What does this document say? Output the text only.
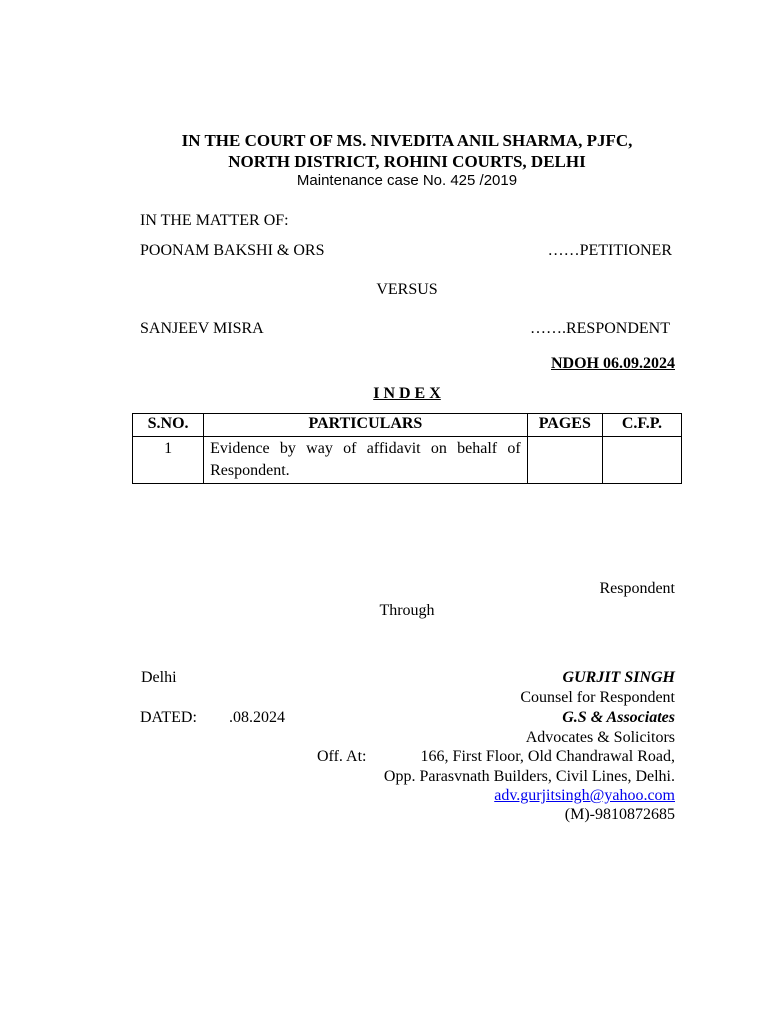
IN THE COURT OF MS. NIVEDITA ANIL SHARMA, PJFC,
NORTH DISTRICT, ROHINI COURTS, DELHI
Maintenance case No. 425 /2019
IN THE MATTER OF:
POONAM BAKSHI & ORS	……PETITIONER
VERSUS
SANJEEV MISRA	…….RESPONDENT
NDOH 06.09.2024
I N D E X
S.NO.	PARTICULARS	PAGES	C.F.P.
1	Evidence by way of affidavit on behalf of Respondent.		
Respondent
Through
Delhi
DATED: .08.2024
GURJIT SINGH
Counsel for Respondent
G.S & Associates
Advocates & Solicitors
Off. At:	166, First Floor, Old Chandrawal Road,
Opp. Parasvnath Builders, Civil Lines, Delhi.
adv.gurjitsingh@yahoo.com
(M)-9810872685
